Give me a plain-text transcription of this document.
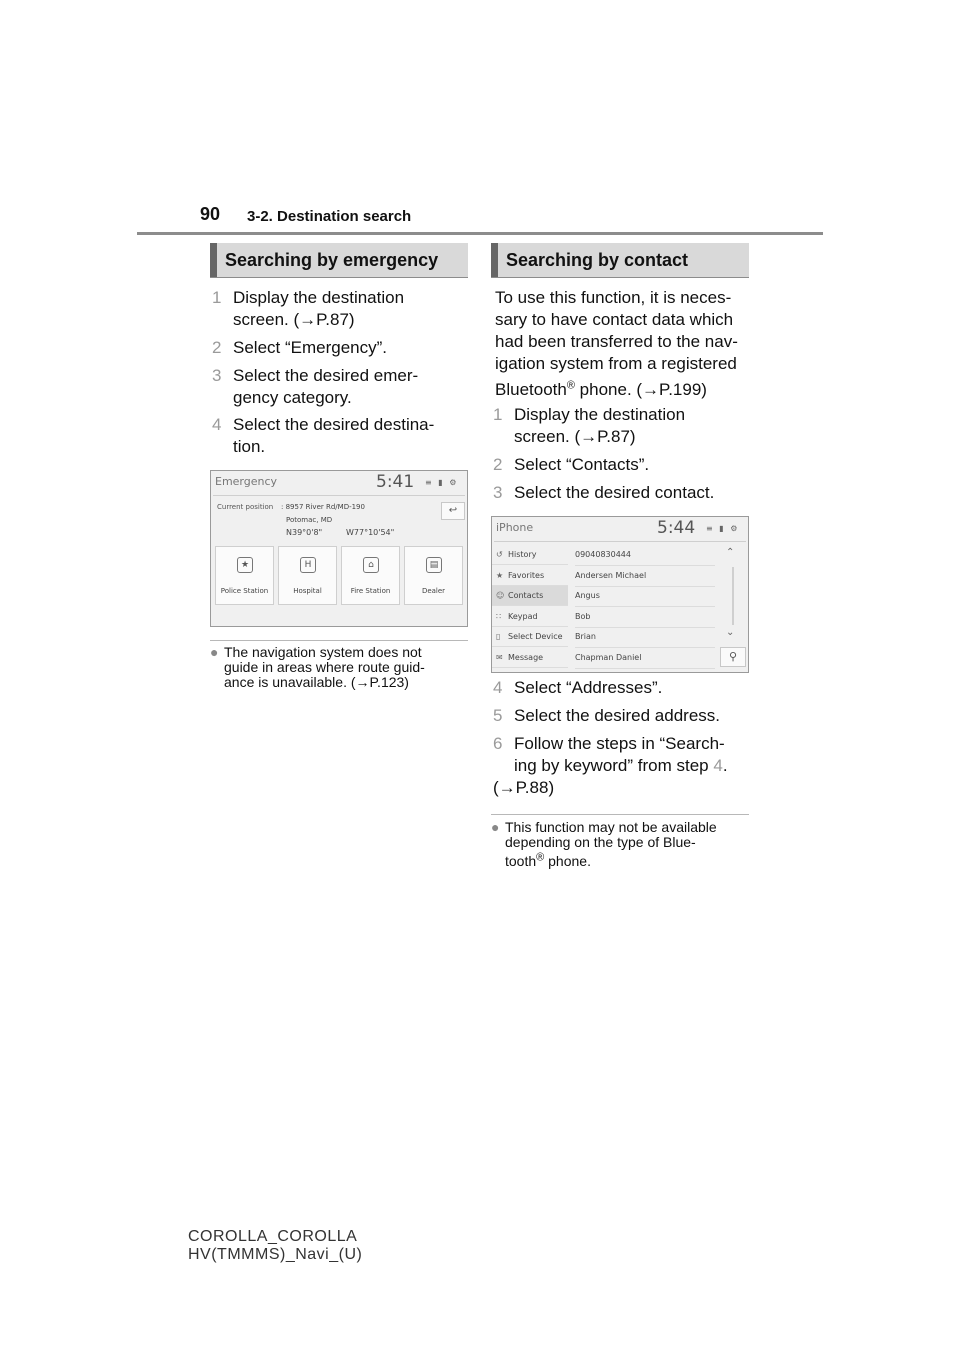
90 3-2. Destination search
Searching by emergency
1 Display the destination
screen. (→P.87)
2 Select “Emergency”.
3 Select the desired emer-
gency category.
4 Select the desired destina-
tion.
Emergency	5:41 ≡ ▮ ⚙
Current position : 8957 River Rd/MD-190
Potomac, MD
N39°0'8"	W77°10'54"
↩
★
Police Station
H
Hospital
⌂
Fire Station
▤
Dealer
● The navigation system does not
guide in areas where route guid-
ance is unavailable. (→P.123)
Searching by contact
To use this function, it is neces-
sary to have contact data which
had been transferred to the nav-
igation system from a registered
Bluetooth® phone. (→P.199)
1 Display the destination
screen. (→P.87)
2 Select “Contacts”.
3 Select the desired contact.
iPhone	5:44 ≡ ▮ ⚙
↺ History
★ Favorites
☺ Contacts
∷ Keypad
▯ Select Device
✉ Message
09040830444
Andersen Michael
Angus
Bob
Brian
Chapman Daniel
⌃
⌄
⚲
4 Select “Addresses”.
5 Select the desired address.
6 Follow the steps in “Search-
ing by keyword” from step 4.
(→P.88)
● This function may not be available
depending on the type of Blue-
tooth® phone.
COROLLA_COROLLA
HV(TMMMS)_Navi_(U)
